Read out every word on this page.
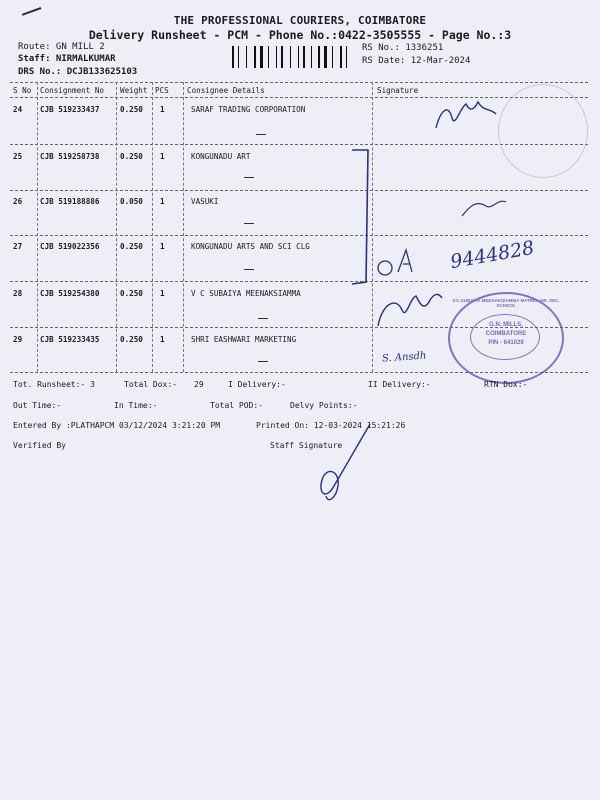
THE PROFESSIONAL COURIERS, COIMBATORE
Delivery Runsheet - PCM - Phone No.:0422-3505555 - Page No.:3
Route: GN MILL 2
Staff: NIRMALKUMAR
DRS No.: DCJB133625103
RS No.: 1336251
RS Date: 12-Mar-2024
S No Consignment No Weight PCS Consignee Details	Signature
24 CJB 519233437	0.250 1	SARAF TRADING CORPORATION
25 CJB 519258738	0.250 1	KONGUNADU ART
26 CJB 519188886	0.050 1	VASUKI
27 CJB 519022356	0.250 1	KONGUNADU ARTS AND SCI CLG
28 CJB 519254380	0.250 1	V C SUBAIYA MEENAKSIAMMA
29 CJB 519233435	0.250 1	SHRI EASHWARI MARKETING
9444828
S. Ansdh
V.C.SUBAIYA MEENAKSIAMMA MATRIC. HR. SEC. SCHOOL
G.N. MILLS,
COIMBATORE
PIN - 641029
Tot. Runsheet:- 3	Total Dox:- 29	I Delivery:-	II Delivery:-	RTN Dox:-
Out Time:-	In Time:-	Total POD:-	Delvy Points:-
Entered By :PLATHAPCM 03/12/2024 3:21:20 PM	Printed On: 12-03-2024 15:21:26
Verified By	Staff Signature
